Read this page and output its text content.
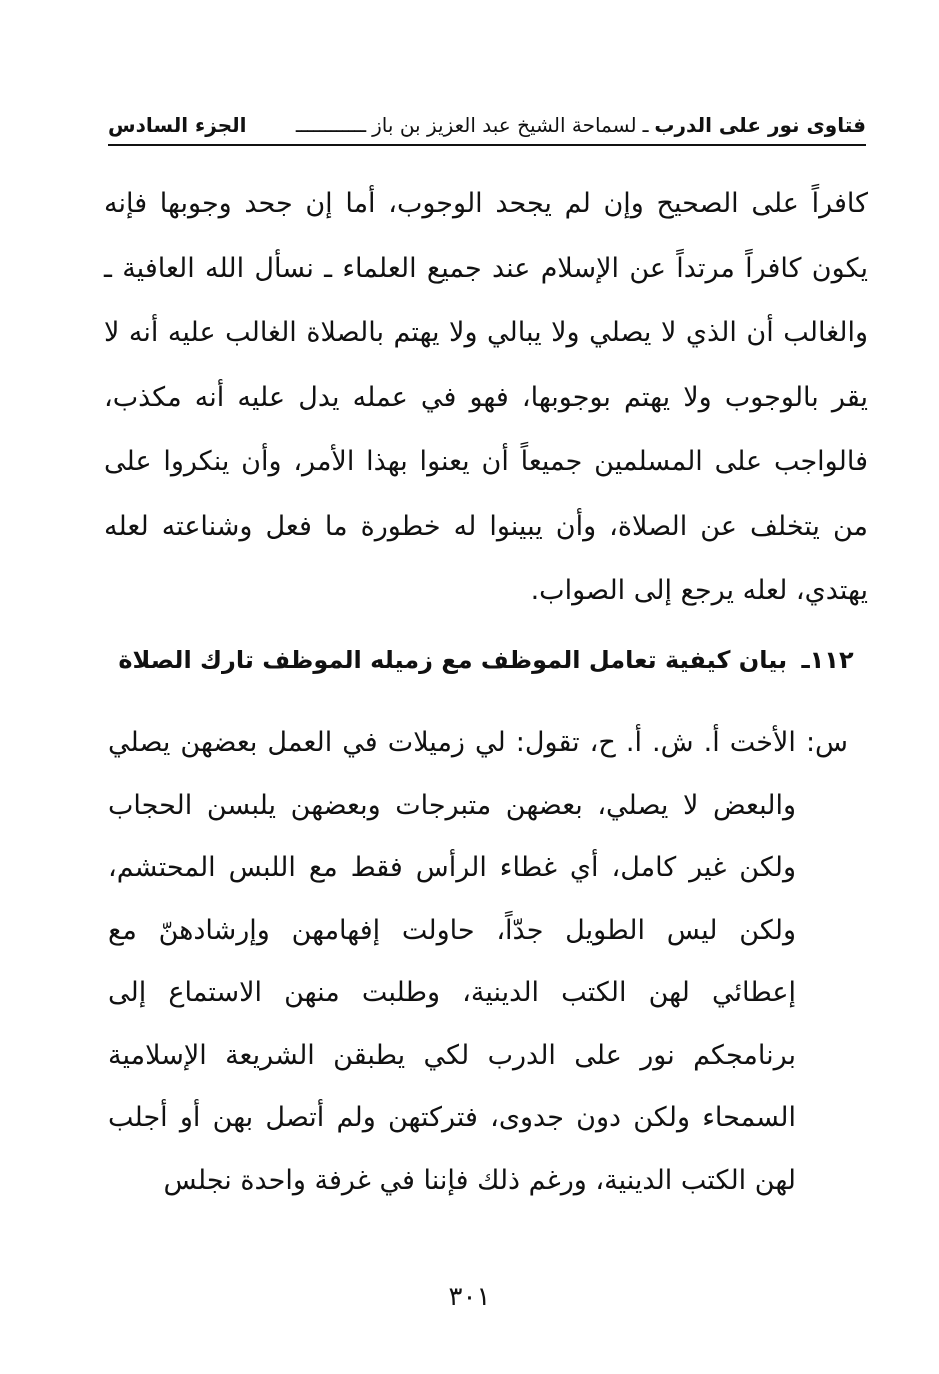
فتاوى نور على الدرب
ـ
لسماحة الشيخ عبد العزيز بن باز
ــــــــــــ
الجزء السادس

كافراً على الصحيح وإن لم يجحد الوجوب، أما إن جحد وجوبها فإنه يكون كافراً مرتداً عن الإسلام عند جميع العلماء ـ نسأل الله العافية ـ والغالب أن الذي لا يصلي ولا يبالي ولا يهتم بالصلاة الغالب عليه أنه لا يقر بالوجوب ولا يهتم بوجوبها، فهو في عمله يدل عليه أنه مكذب، فالواجب على المسلمين جميعاً أن يعنوا بهذا الأمر، وأن ينكروا على من يتخلف عن الصلاة، وأن يبينوا له خطورة ما فعل وشناعته لعله يهتدي، لعله يرجع إلى الصواب.

١١٢ـ بيان كيفية تعامل الموظف مع زميله الموظف تارك الصلاة

س: الأخت أ. ش. أ. ح، تقول: لي زميلات في العمل بعضهن يصلي والبعض لا يصلي، بعضهن متبرجات وبعضهن يلبسن الحجاب ولكن غير كامل، أي غطاء الرأس فقط مع اللبس المحتشم، ولكن ليس الطويل جدّاً، حاولت إفهامهن وإرشادهنّ مع إعطائي لهن الكتب الدينية، وطلبت منهن الاستماع إلى برنامجكم نور على الدرب لكي يطبقن الشريعة الإسلامية السمحاء ولكن دون جدوى، فتركتهن ولم أتصل بهن أو أجلب لهن الكتب الدينية، ورغم ذلك فإننا في غرفة واحدة نجلس

٣٠١
